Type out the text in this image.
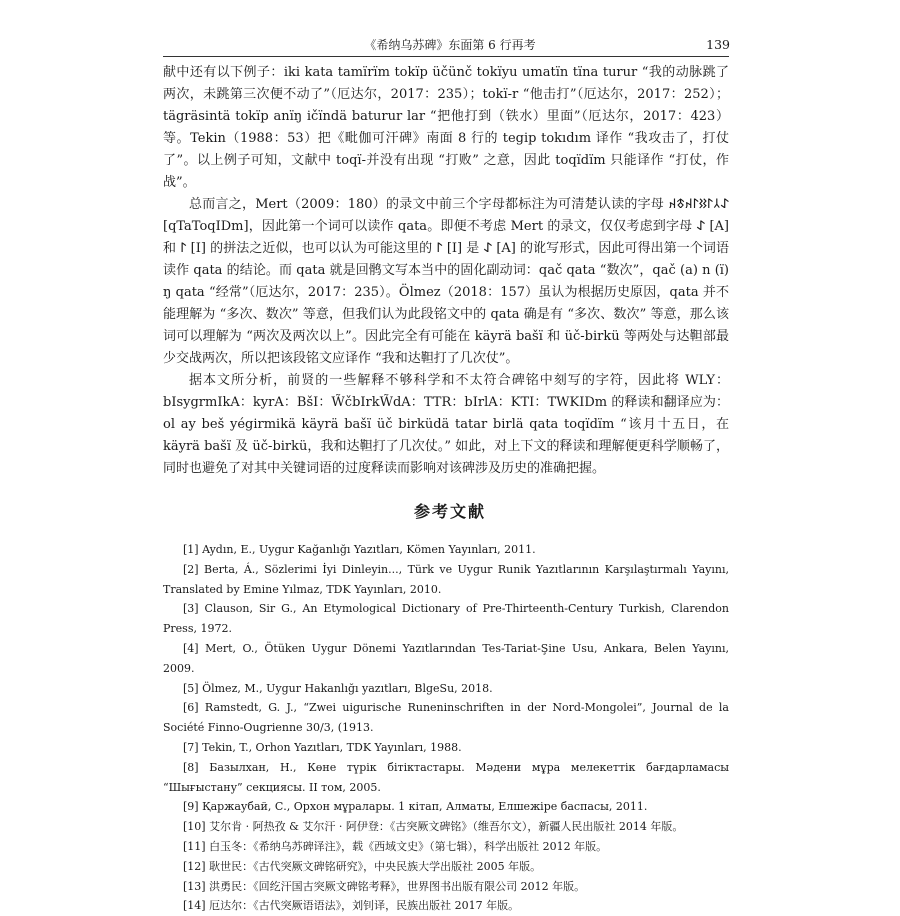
《希纳乌苏碑》东面第 6 行再考	139

献中还有以下例子：iki kata tamïrïm tokïp üčünč tokïyu umatïn tïna turur “我的动脉跳了两次，未跳第三次便不动了”（厄达尔，2017：235）；tokï-r “他击打”（厄达尔，2017：252）；tägräsintä tokïp anïŋ ičïndä baturur lar “把他打到（铁水）里面”（厄达尔，2017：423）等。Tekin（1988：53）把《毗伽可汗碑》南面 8 行的 tegip tokıdım 译作 “我攻击了，打仗了”。以上例子可知，文献中 toqï-并没有出现 “打败” 之意，因此 toqïdïm 只能译作 “打仗，作战”。

总而言之，Mert（2009：180）的录文中前三个字母都标注为可清楚认读的字母 𐰀𐰲𐰃𐰑𐰃𐰴𐱃𐰴 [qTaToqIDm]，因此第一个词可以读作 qata。即便不考虑 Mert 的录文，仅仅考虑到字母 𐰀 [A] 和 𐰃 [I] 的拼法之近似，也可以认为可能这里的 𐰃 [I] 是 𐰀 [A] 的讹写形式，因此可得出第一个词语读作 qata 的结论。而 qata 就是回鹘文写本当中的固化副动词：qač qata “数次”，qač (a) n (ï) ŋ qata “经常”（厄达尔，2017：235）。Ölmez（2018：157）虽认为根据历史原因，qata 并不能理解为 “多次、数次” 等意，但我们认为此段铭文中的 qata 确是有 “多次、数次” 等意，那么该词可以理解为 “两次及两次以上”。因此完全有可能在 käyrä bašï 和 üč-birkü 等两处与达靼部最少交战两次，所以把该段铭文应译作 “我和达靼打了几次仗”。

据本文所分析，前贤的一些解释不够科学和不太符合碑铭中刻写的字符，因此将 WLY：bIsygrmIkA：kyrA：BšI：W̃čbIrkW̃dA：TTR：bIrlA：KTI：TWKIDm 的释读和翻译应为：ol ay beš yégirmikä käyrä bašï üč birküdä tatar birlä qata toqïdïm “该月十五日，在 käyrä bašï 及 üč-birkü，我和达靼打了几次仗。” 如此，对上下文的释读和理解便更科学顺畅了，同时也避免了对其中关键词语的过度释读而影响对该碑涉及历史的准确把握。

参考文献

[1] Aydın, E., Uygur Kağanlığı Yazıtları, Kömen Yayınları, 2011.

[2] Berta, Á., Sözlerimi İyi Dinleyin..., Türk ve Uygur Runik Yazıtlarının Karşılaştırmalı Yayını, Translated by Emine Yılmaz, TDK Yayınları, 2010.

[3] Clauson, Sir G., An Etymological Dictionary of Pre-Thirteenth-Century Turkish, Clarendon Press, 1972.

[4] Mert, O., Ötüken Uygur Dönemi Yazıtlarından Tes-Tariat-Şine Usu, Ankara, Belen Yayını, 2009.

[5] Ölmez, M., Uygur Hakanlığı yazıtları, BlgeSu, 2018.

[6] Ramstedt, G. J., “Zwei uigurische Runeninschriften in der Nord-Mongolei”, Journal de la Société Finno-Ougrienne 30/3, (1913.

[7] Tekin, T., Orhon Yazıtları, TDK Yayınları, 1988.

[8] Базылхан, Н., Көне түрік бітіктастары. Мәдени мұра мелекеттік бағдарламасы “Шығыстану” секциясы. II том, 2005.

[9] Қаржаубай, С., Орхон мұралары. 1 кітап, Алматы, Елшежіре баспасы, 2011.

[10] 艾尔肯 · 阿热孜 & 艾尔汗 · 阿伊登：《古突厥文碑铭》（维吾尔文），新疆人民出版社 2014 年版。

[11] 白玉冬：《希纳乌苏碑译注》，载《西域文史》（第七辑），科学出版社 2012 年版。

[12] 耿世民：《古代突厥文碑铭研究》，中央民族大学出版社 2005 年版。

[13] 洪勇民：《回纥汗国古突厥文碑铭考释》，世界图书出版有限公司 2012 年版。

[14] 厄达尔：《古代突厥语语法》，刘钊译，民族出版社 2017 年版。
